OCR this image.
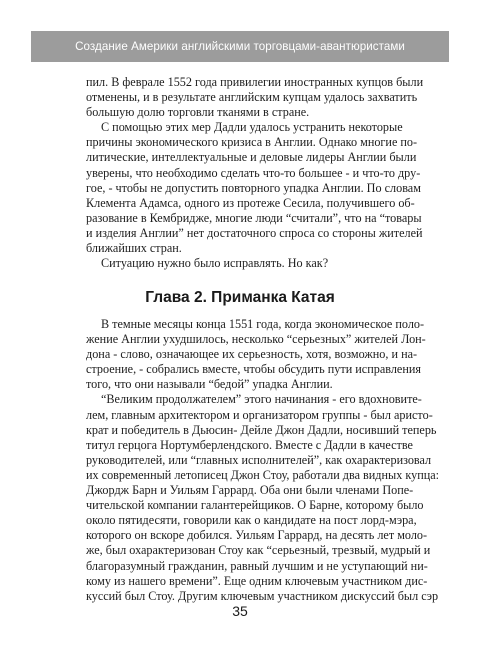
Создание Америки английскими торговцами-авантюристами
пил. В феврале 1552 года привилегии иностранных купцов были
отменены, и в результате английским купцам удалось захватить
большую долю торговли тканями в стране.
С помощью этих мер Дадли удалось устранить некоторые
причины экономического кризиса в Англии. Однако многие по-
литические, интеллектуальные и деловые лидеры Англии были
уверены, что необходимо сделать что-то большее - и что-то дру-
гое, - чтобы не допустить повторного упадка Англии. По словам
Клемента Адамса, одного из протеже Сесила, получившего об-
разование в Кембридже, многие люди “считали”, что на “товары
и изделия Англии” нет достаточного спроса со стороны жителей
ближайших стран.
Ситуацию нужно было исправлять. Но как?
Глава 2. Приманка Катая
В темные месяцы конца 1551 года, когда экономическое поло-
жение Англии ухудшилось, несколько “серьезных” жителей Лон-
дона - слово, означающее их серьезность, хотя, возможно, и на-
строение, - собрались вместе, чтобы обсудить пути исправления
того, что они называли “бедой” упадка Англии.
“Великим продолжателем” этого начинания - его вдохновите-
лем, главным архитектором и организатором группы - был аристо-
крат и победитель в Дьюсин- Дейле Джон Дадли, носивший теперь
титул герцога Нортумберлендского. Вместе с Дадли в качестве
руководителей, или “главных исполнителей”, как охарактеризовал
их современный летописец Джон Стоу, работали два видных купца:
Джордж Барн и Уильям Гаррард. Оба они были членами Попе-
чительской компании галантерейщиков. О Барне, которому было
около пятидесяти, говорили как о кандидате на пост лорд-мэра,
которого он вскоре добился. Уильям Гаррард, на десять лет моло-
же, был охарактеризован Стоу как “серьезный, трезвый, мудрый и
благоразумный гражданин, равный лучшим и не уступающий ни-
кому из нашего времени”. Еще одним ключевым участником дис-
куссий был Стоу. Другим ключевым участником дискуссий был сэр
35
